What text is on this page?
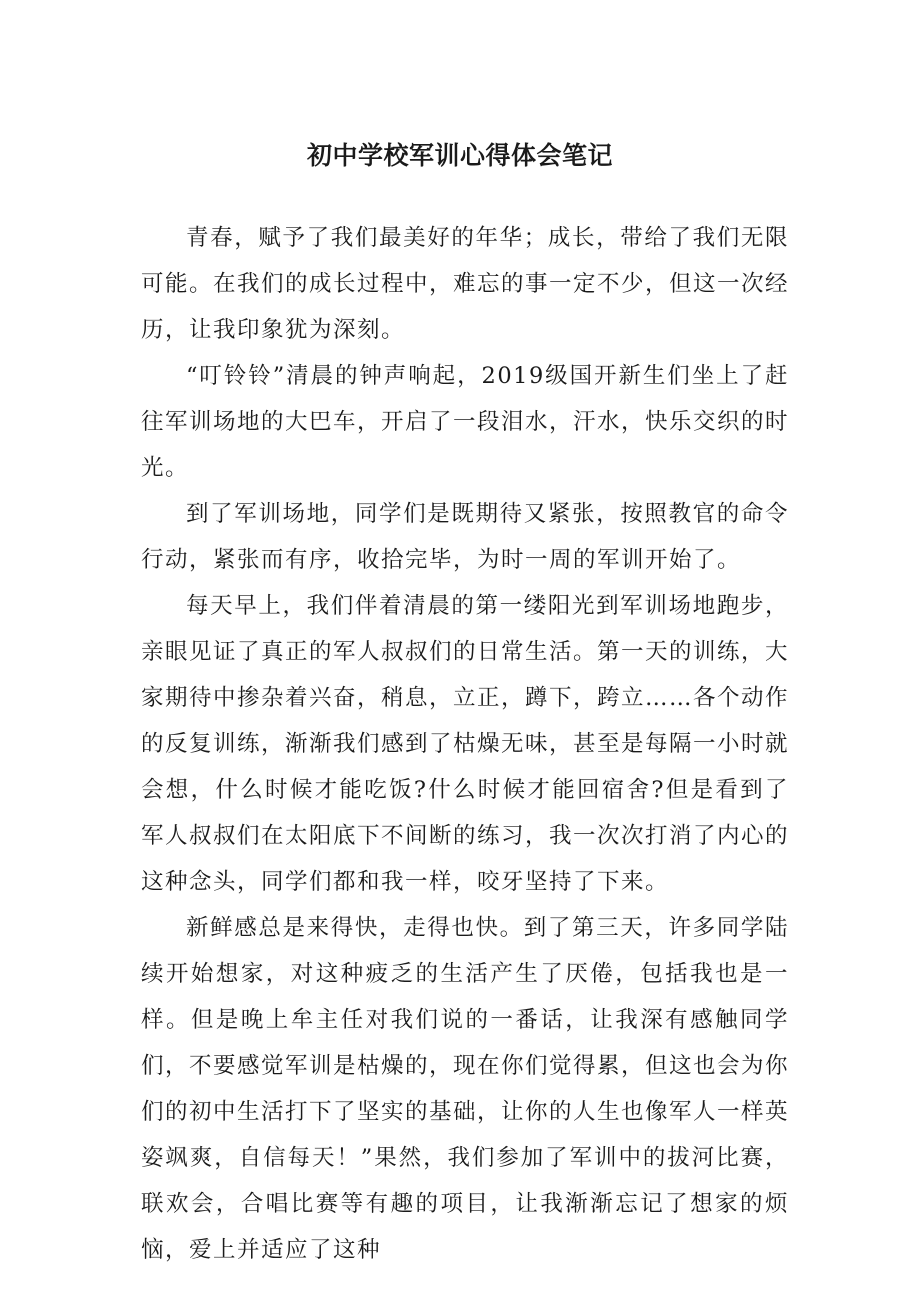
初中学校军训心得体会笔记

青春，赋予了我们最美好的年华；成长，带给了我们无限可能。在我们的成长过程中，难忘的事一定不少，但这一次经历，让我印象犹为深刻。

“叮铃铃”清晨的钟声响起，2019级国开新生们坐上了赶往军训场地的大巴车，开启了一段泪水，汗水，快乐交织的时光。

到了军训场地，同学们是既期待又紧张，按照教官的命令行动，紧张而有序，收拾完毕，为时一周的军训开始了。

每天早上，我们伴着清晨的第一缕阳光到军训场地跑步，亲眼见证了真正的军人叔叔们的日常生活。第一天的训练，大家期待中掺杂着兴奋，稍息，立正，蹲下，跨立……各个动作的反复训练，渐渐我们感到了枯燥无味，甚至是每隔一小时就会想，什么时候才能吃饭?什么时候才能回宿舍?但是看到了军人叔叔们在太阳底下不间断的练习，我一次次打消了内心的这种念头，同学们都和我一样，咬牙坚持了下来。

新鲜感总是来得快，走得也快。到了第三天，许多同学陆续开始想家，对这种疲乏的生活产生了厌倦，包括我也是一样。但是晚上牟主任对我们说的一番话，让我深有感触同学们，不要感觉军训是枯燥的，现在你们觉得累，但这也会为你们的初中生活打下了坚实的基础，让你的人生也像军人一样英姿飒爽，自信每天！”果然，我们参加了军训中的拔河比赛，联欢会，合唱比赛等有趣的项目，让我渐渐忘记了想家的烦恼，爱上并适应了这种
